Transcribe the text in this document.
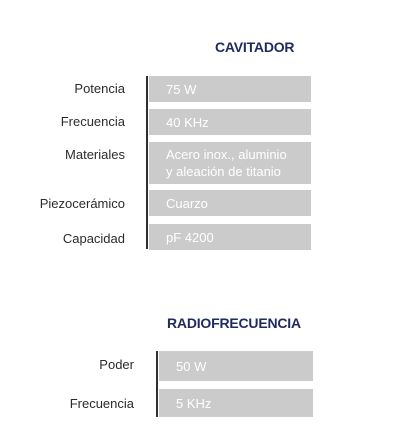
CAVITADOR
Potencia	75 W
Frecuencia	40 KHz
Materiales	Acero inox., aluminio
y aleación de titanio
Piezocerámico	Cuarzo
Capacidad	pF 4200
RADIOFRECUENCIA
Poder	50 W
Frecuencia	5 KHz
